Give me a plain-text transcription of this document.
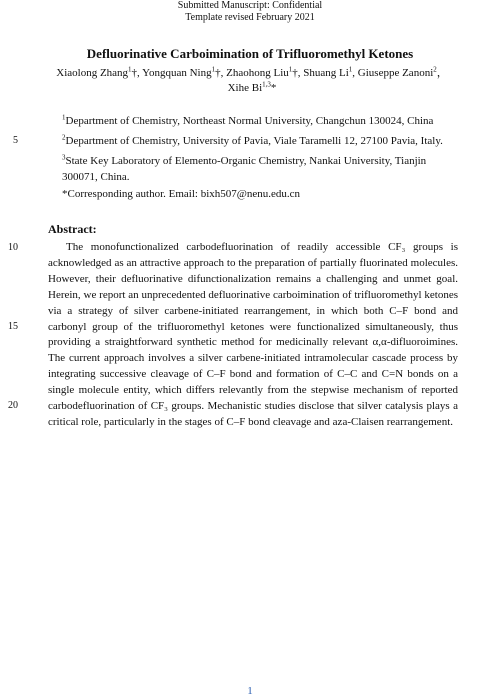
Submitted Manuscript: Confidential
Template revised February 2021
Defluorinative Carboimination of Trifluoromethyl Ketones
Xiaolong Zhang$^1$†, Yongquan Ning$^1$†, Zhaohong Liu$^1$†, Shuang Li$^1$, Giuseppe Zanoni$^2$， Xihe Bi$^{1,3}$*
$^1$Department of Chemistry, Northeast Normal University, Changchun 130024, China
$^2$Department of Chemistry, University of Pavia, Viale Taramelli 12, 27100 Pavia, Italy.
$^3$State Key Laboratory of Elemento-Organic Chemistry, Nankai University, Tianjin 300071, China.
*Corresponding author. Email: bixh507@nenu.edu.cn
5
10
15
20
Abstract:
The monofunctionalized carbodefluorination of readily accessible CF₃ groups is acknowledged as an attractive approach to the preparation of partially fluorinated molecules. However, their defluorinative difunctionalization remains a challenging and unmet goal. Herein, we report an unprecedented defluorinative carboimination of trifluoromethyl ketones via a strategy of silver carbene-initiated rearrangement, in which both C–F bond and carbonyl group of the trifluoromethyl ketones were functionalized simultaneously, thus providing a straightforward synthetic method for medicinally relevant α,α-difluoroimines. The current approach involves a silver carbene-initiated intramolecular cascade process by integrating successive cleavage of C–F bond and formation of C–C and C=N bonds on a single molecule entity, which differs relevantly from the stepwise mechanism of reported carbodefluorination of CF₃ groups. Mechanistic studies disclose that silver catalysis plays a critical role, particularly in the stages of C–F bond cleavage and aza-Claisen rearrangement.
1
